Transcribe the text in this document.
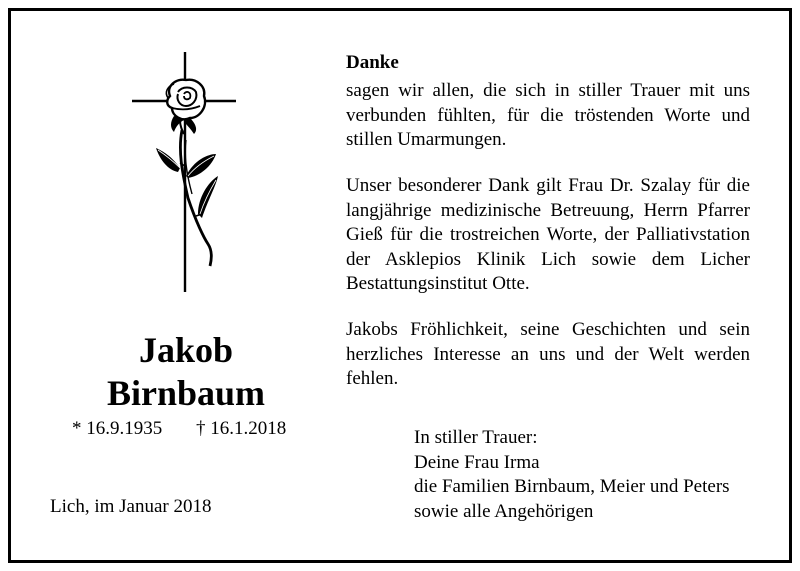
Jakob
Birnbaum
* 16.9.1935 † 16.1.2018
Lich, im Januar 2018
Danke

sagen wir allen, die sich in stiller Trauer mit uns verbunden fühlten, für die tröstenden Worte und stillen Umarmungen.

Unser besonderer Dank gilt Frau Dr. Szalay für die langjährige medizinische Betreuung, Herrn Pfarrer Gieß für die trostreichen Worte, der Palliativstation der Asklepios Klinik Lich sowie dem Licher Bestattungsinstitut Otte.

Jakobs Fröhlichkeit, seine Geschichten und sein herzliches Interesse an uns und der Welt werden fehlen.

In stiller Trauer:
Deine Frau Irma
die Familien Birnbaum, Meier und Peters
sowie alle Angehörigen
